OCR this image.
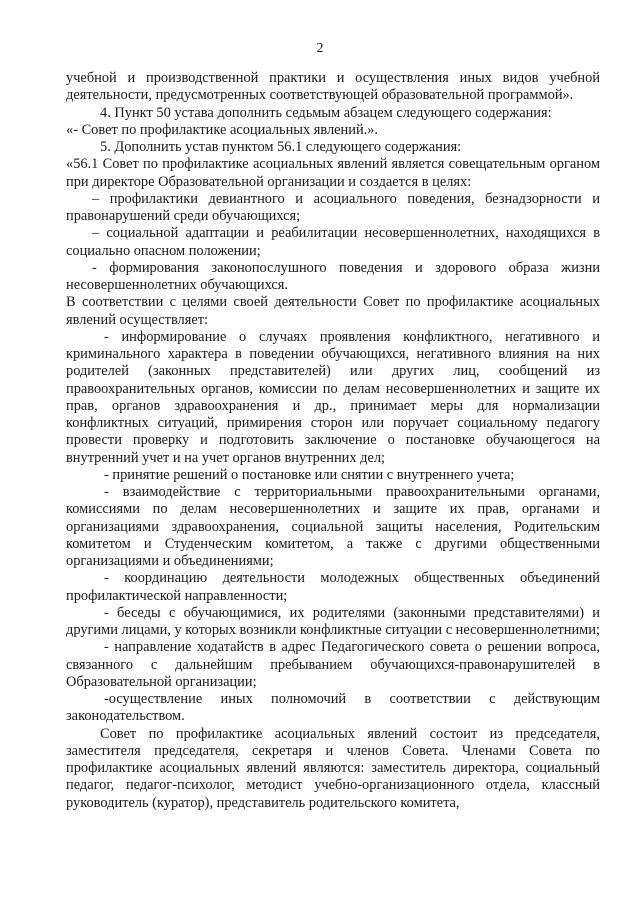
2

учебной и производственной практики и осуществления иных видов учебной деятельности, предусмотренных соответствующей образовательной программой».

4. Пункт 50 устава дополнить седьмым абзацем следующего содержания:

«- Совет по профилактике асоциальных явлений.».

5. Дополнить устав пунктом 56.1 следующего содержания:

«56.1 Совет по профилактике асоциальных явлений является совещательным органом при директоре Образовательной организации и создается в целях:

– профилактики девиантного и асоциального поведения, безнадзорности и правонарушений среди обучающихся;

– социальной адаптации и реабилитации несовершеннолетних, находящихся в социально опасном положении;

- формирования законопослушного поведения и здорового образа жизни несовершеннолетних обучающихся.

В соответствии с целями своей деятельности Совет по профилактике асоциальных явлений осуществляет:

- информирование о случаях проявления конфликтного, негативного и криминального характера в поведении обучающихся, негативного влияния на них родителей (законных представителей) или других лиц, сообщений из правоохранительных органов, комиссии по делам несовершеннолетних и защите их прав, органов здравоохранения и др., принимает меры для нормализации конфликтных ситуаций, примирения сторон или поручает социальному педагогу провести проверку и подготовить заключение о постановке обучающегося на внутренний учет и на учет органов внутренних дел;

- принятие решений о постановке или снятии с внутреннего учета;

- взаимодействие с территориальными правоохранительными органами, комиссиями по делам несовершеннолетних и защите их прав, органами и организациями здравоохранения, социальной защиты населения, Родительским комитетом и Студенческим комитетом, а также с другими общественными организациями и объединениями;

- координацию деятельности молодежных общественных объединений профилактической направленности;

- беседы с обучающимися, их родителями (законными представителями) и другими лицами, у которых возникли конфликтные ситуации с несовершеннолетними;

- направление ходатайств в адрес Педагогического совета о решении вопроса, связанного с дальнейшим пребыванием обучающихся-правонарушителей в Образовательной организации;

-осуществление иных полномочий в соответствии с действующим законодательством.

Совет по профилактике асоциальных явлений состоит из председателя, заместителя председателя, секретаря и членов Совета. Членами Совета по профилактике асоциальных явлений являются: заместитель директора, социальный педагог, педагог-психолог, методист учебно-организационного отдела, классный руководитель (куратор), представитель родительского комитета,
